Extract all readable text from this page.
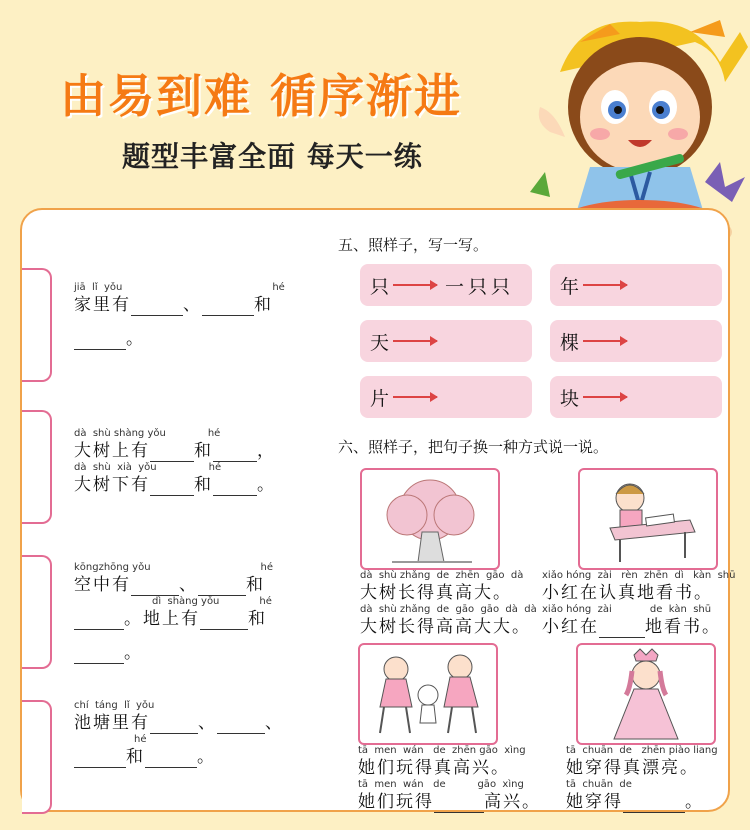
由易到难 循序渐进
题型丰富全面 每天一练
jiā  lǐ  yǒu	hé
家里有	、	和
。
dà  shù shàng yǒu	hé
大树上有	和	，
dà  shù  xià  yǒu	hé
大树下有	和	。
kōngzhōng yǒu	hé
空中有	、	和
dì  shàng yǒu	hé
。地上有	和
。
chí  táng  lǐ  yǒu
池塘里有	、	、
hé
和	。
五、照样子，写一写。
只	一只只 年
天	棵
片	块
六、照样子，把句子换一种方式说一说。
dà  shù zhǎng  de  zhēn  gāo  dà
大树长得真高大。
dà  shù zhǎng  de  gāo  gāo  dà  dà
大树长得高高大大。
xiǎo hóng  zài   rèn  zhēn  dì   kàn  shū
小红在认真地看书。
xiǎo hóng  zài            de  kàn  shū
小红在	地看书。
tā  men  wán   de  zhēn gāo  xìng
她们玩得真高兴。
tā  men  wán   de          gāo  xìng
她们玩得	高兴。
tā  chuān  de   zhēn piào liang
她穿得真漂亮。
tā  chuān  de
她穿得	。
